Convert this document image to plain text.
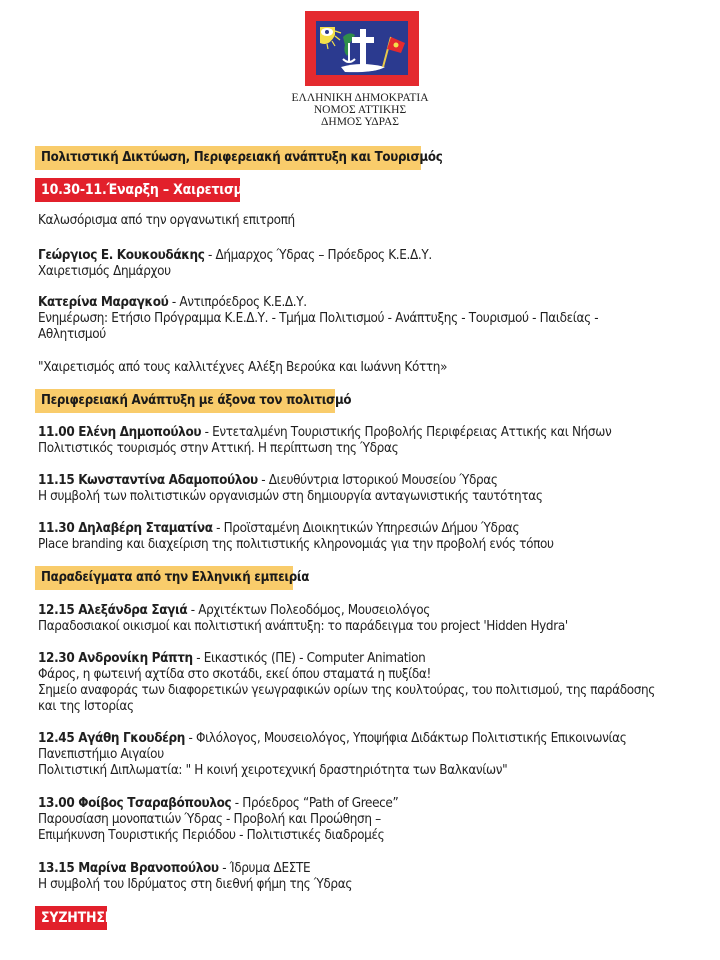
ΕΛΛΗΝΙΚΗ ΔΗΜΟΚΡΑΤΙΑ
ΝΟΜΟΣ ΑΤΤΙΚΗΣ
ΔΗΜΟΣ ΥΔΡΑΣ
Πολιτιστική Δικτύωση, Περιφερειακή ανάπτυξη και Τουρισμός
10.30-11.Έναρξη – Χαιρετισμοί
Καλωσόρισμα από την οργανωτική επιτροπή
Γεώργιος Ε. Κουκουδάκης - Δήμαρχος Ύδρας – Πρόεδρος Κ.Ε.Δ.Υ.
Χαιρετισμός Δημάρχου
Κατερίνα Μαραγκού - Αντιπρόεδρος Κ.Ε.Δ.Υ.
Ενημέρωση: Ετήσιο Πρόγραμμα Κ.Ε.Δ.Υ. - Τμήμα Πολιτισμού - Ανάπτυξης - Τουρισμού - Παιδείας -
Αθλητισμού
"Χαιρετισμός από τους καλλιτέχνες Αλέξη Βερούκα και Ιωάννη Κόττη»
Περιφερειακή Ανάπτυξη με άξονα τον πολιτισμό
11.00 Ελένη Δημοπούλου - Εντεταλμένη Τουριστικής Προβολής Περιφέρειας Αττικής και Νήσων
Πολιτιστικός τουρισμός στην Αττική. Η περίπτωση της Ύδρας
11.15 Κωνσταντίνα Αδαμοπούλου - Διευθύντρια Ιστορικού Μουσείου Ύδρας
Η συμβολή των πολιτιστικών οργανισμών στη δημιουργία ανταγωνιστικής ταυτότητας
11.30 Δηλαβέρη Σταματίνα - Προϊσταμένη Διοικητικών Υπηρεσιών Δήμου Ύδρας
Place branding και διαχείριση της πολιτιστικής κληρονομιάς για την προβολή ενός τόπου
Παραδείγματα από την Ελληνική εμπειρία
12.15 Αλεξάνδρα Σαγιά - Αρχιτέκτων Πολεοδόμος, Μουσειολόγος
Παραδοσιακοί οικισμοί και πολιτιστική ανάπτυξη: το παράδειγμα του project 'Hidden Hydra'
12.30 Ανδρονίκη Ράπτη - Εικαστικός (ΠΕ) - Computer Animation
Φάρος, η φωτεινή αχτίδα στο σκοτάδι, εκεί όπου σταματά η πυξίδα!
Σημείο αναφοράς των διαφορετικών γεωγραφικών ορίων της κουλτούρας, του πολιτισμού, της παράδοσης
και της Ιστορίας
12.45 Αγάθη Γκουδέρη - Φιλόλογος, Μουσειολόγος, Υποψήφια Διδάκτωρ Πολιτιστικής Επικοινωνίας
Πανεπιστήμιο Αιγαίου
Πολιτιστική Διπλωματία: " Η κοινή χειροτεχνική δραστηριότητα των Βαλκανίων"
13.00 Φοίβος Τσαραβόπουλος - Πρόεδρος “Path of Greece”
Παρουσίαση μονοπατιών Ύδρας - Προβολή και Προώθηση –
Επιμήκυνση Τουριστικής Περιόδου - Πολιτιστικές διαδρομές
13.15 Μαρίνα Βρανοπούλου - Ίδρυμα ΔΕΣΤΕ
Η συμβολή του Ιδρύματος στη διεθνή φήμη της Ύδρας
ΣΥΖΗΤΗΣΗ
